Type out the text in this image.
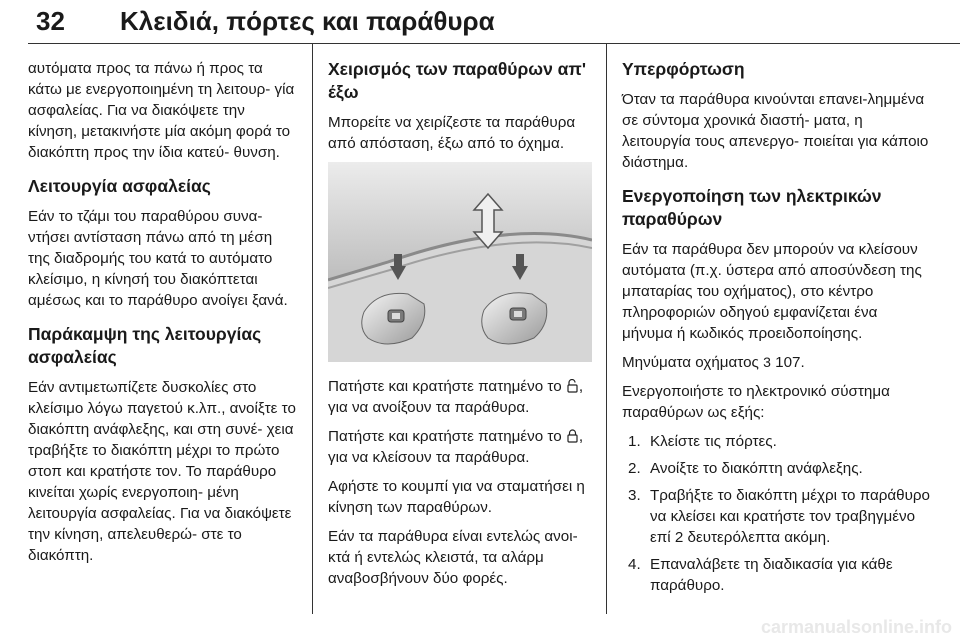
32 Κλειδιά, πόρτες και παράθυρα

αυτόματα προς τα πάνω ή προς τα κάτω με ενεργοποιημένη τη λειτουρ- γία ασφαλείας. Για να διακόψετε την κίνηση, μετακινήστε μία ακόμη φορά το διακόπτη προς την ίδια κατεύ- θυνση.

Λειτουργία ασφαλείας

Εάν το τζάμι του παραθύρου συνα- ντήσει αντίσταση πάνω από τη μέση της διαδρομής του κατά το αυτόματο κλείσιμο, η κίνησή του διακόπτεται αμέσως και το παράθυρο ανοίγει ξανά.

Παράκαμψη της λειτουργίας ασφαλείας

Εάν αντιμετωπίζετε δυσκολίες στο κλείσιμο λόγω παγετού κ.λπ., ανοίξτε το διακόπτη ανάφλεξης, και στη συνέ- χεια τραβήξτε το διακόπτη μέχρι το πρώτο στοπ και κρατήστε τον. Το παράθυρο κινείται χωρίς ενεργοποιη- μένη λειτουργία ασφαλείας. Για να διακόψετε την κίνηση, απελευθερώ- στε το διακόπτη.

Χειρισμός των παραθύρων απ' έξω

Μπορείτε να χειρίζεστε τα παράθυρα από απόσταση, έξω από το όχημα.

Πατήστε και κρατήστε πατημένο το , για να ανοίξουν τα παράθυρα.

Πατήστε και κρατήστε πατημένο το , για να κλείσουν τα παράθυρα.

Αφήστε το κουμπί για να σταματήσει η κίνηση των παραθύρων.

Εάν τα παράθυρα είναι εντελώς ανοι- κτά ή εντελώς κλειστά, τα αλάρμ αναβοσβήνουν δύο φορές.

Υπερφόρτωση

Όταν τα παράθυρα κινούνται επανει-λημμένα σε σύντομα χρονικά διαστή- ματα, η λειτουργία τους απενεργο- ποιείται για κάποιο διάστημα.

Ενεργοποίηση των ηλεκτρικών παραθύρων

Εάν τα παράθυρα δεν μπορούν να κλείσουν αυτόματα (π.χ. ύστερα από αποσύνδεση της μπαταρίας του οχήματος), στο κέντρο πληροφοριών οδηγού εμφανίζεται ένα μήνυμα ή κωδικός προειδοποίησης.

Μηνύματα οχήματος 3 107.

Ενεργοποιήστε το ηλεκτρονικό σύστημα παραθύρων ως εξής:

1. Κλείστε τις πόρτες.
2. Ανοίξτε το διακόπτη ανάφλεξης.
3. Τραβήξτε το διακόπτη μέχρι το παράθυρο να κλείσει και κρατήστε τον τραβηγμένο επί 2 δευτερόλεπτα ακόμη.
4. Επαναλάβετε τη διαδικασία για κάθε παράθυρο.
carmanualsonline.info
